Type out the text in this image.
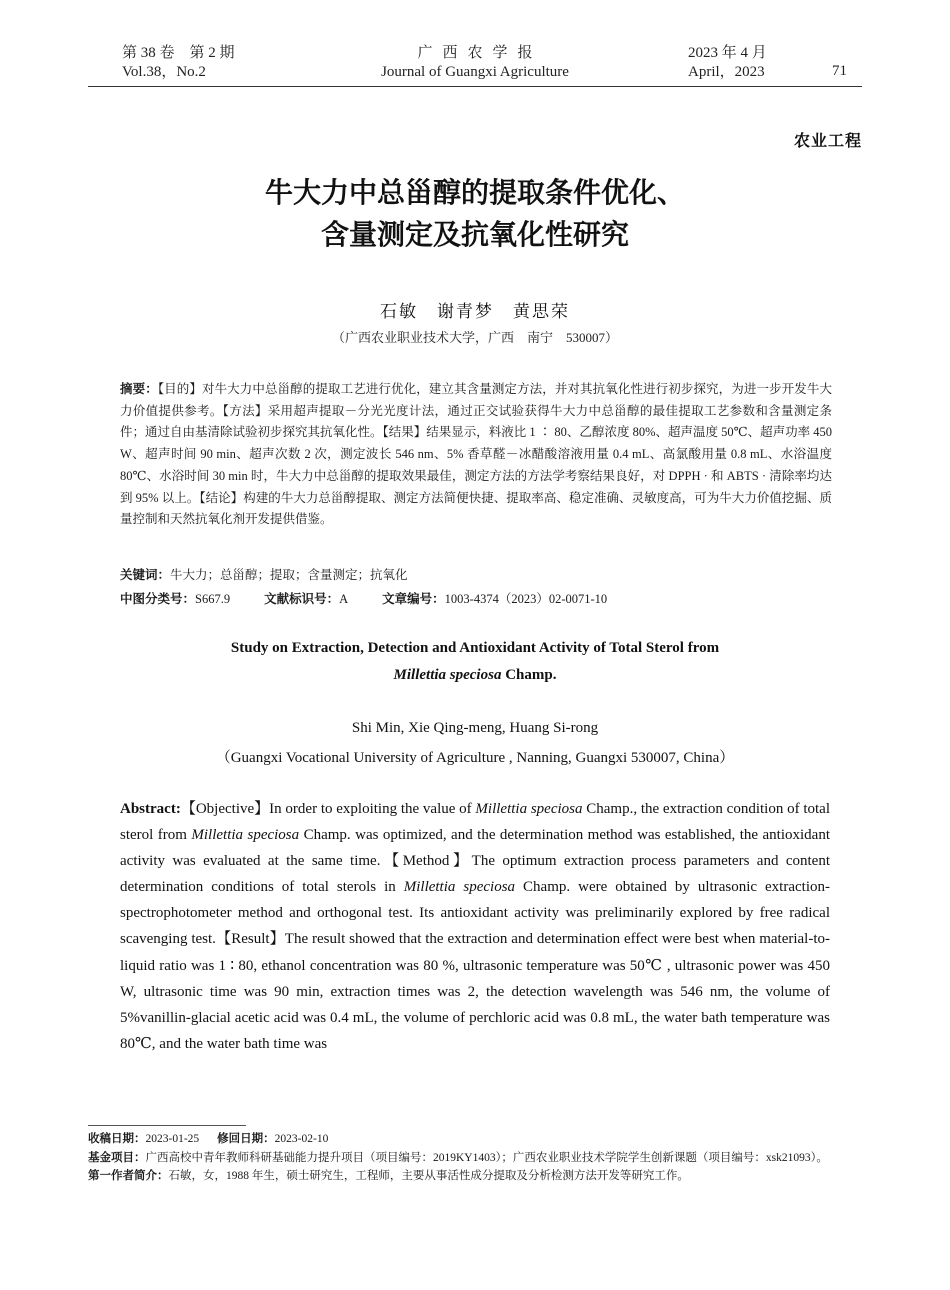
第 38 卷　第 2 期
Vol.38，No.2
广西农学报
Journal of Guangxi Agriculture
2023 年 4 月
April，2023	71
农业工程
牛大力中总甾醇的提取条件优化、
含量测定及抗氧化性研究
石敏　谢青梦　黄思荣
（广西农业职业技术大学，广西　南宁　530007）
摘要：【目的】对牛大力中总甾醇的提取工艺进行优化，建立其含量测定方法，并对其抗氧化性进行初步探究，为进一步开发牛大力价值提供参考。【方法】采用超声提取－分光光度计法，通过正交试验获得牛大力中总甾醇的最佳提取工艺参数和含量测定条件；通过自由基清除试验初步探究其抗氧化性。【结果】结果显示，料液比 1 ∶ 80、乙醇浓度 80%、超声温度 50℃、超声功率 450 W、超声时间 90 min、超声次数 2 次，测定波长 546 nm、5% 香草醛－冰醋酸溶液用量 0.4 mL、高氯酸用量 0.8 mL、水浴温度 80℃、水浴时间 30 min 时，牛大力中总甾醇的提取效果最佳，测定方法的方法学考察结果良好，对 DPPH · 和 ABTS · 清除率均达到 95% 以上。【结论】构建的牛大力总甾醇提取、测定方法简便快捷、提取率高、稳定准确、灵敏度高，可为牛大力价值挖掘、质量控制和天然抗氧化剂开发提供借鉴。
关键词：牛大力；总甾醇；提取；含量测定；抗氧化
中图分类号：S667.9	文献标识号：A	文章编号：1003-4374（2023）02-0071-10
Study on Extraction, Detection and Antioxidant Activity of Total Sterol from
Millettia speciosa Champ.
Shi Min, Xie Qing-meng, Huang Si-rong
（Guangxi Vocational University of Agriculture , Nanning, Guangxi 530007, China）
Abstract:【Objective】In order to exploiting the value of Millettia speciosa Champ., the extraction condition of total sterol from Millettia speciosa Champ. was optimized, and the determination method was established, the antioxidant activity was evaluated at the same time.【Method】The optimum extraction process parameters and content determination conditions of total sterols in Millettia speciosa Champ. were obtained by ultrasonic extraction-spectrophotometer method and orthogonal test. Its antioxidant activity was preliminarily explored by free radical scavenging test.【Result】The result showed that the extraction and determination effect were best when material-to-liquid ratio was 1 ∶ 80, ethanol concentration was 80 %, ultrasonic temperature was 50℃ , ultrasonic power was 450 W, ultrasonic time was 90 min, extraction times was 2, the detection wavelength was 546 nm, the volume of 5%vanillin-glacial acetic acid was 0.4 mL, the volume of perchloric acid was 0.8 mL, the water bath temperature was 80℃, and the water bath time was
收稿日期：2023-01-25 修回日期：2023-02-10
基金项目：广西高校中青年教师科研基础能力提升项目（项目编号：2019KY1403）；广西农业职业技术学院学生创新课题（项目编号：xsk21093）。
第一作者简介：石敏，女，1988 年生，硕士研究生，工程师，主要从事活性成分提取及分析检测方法开发等研究工作。
